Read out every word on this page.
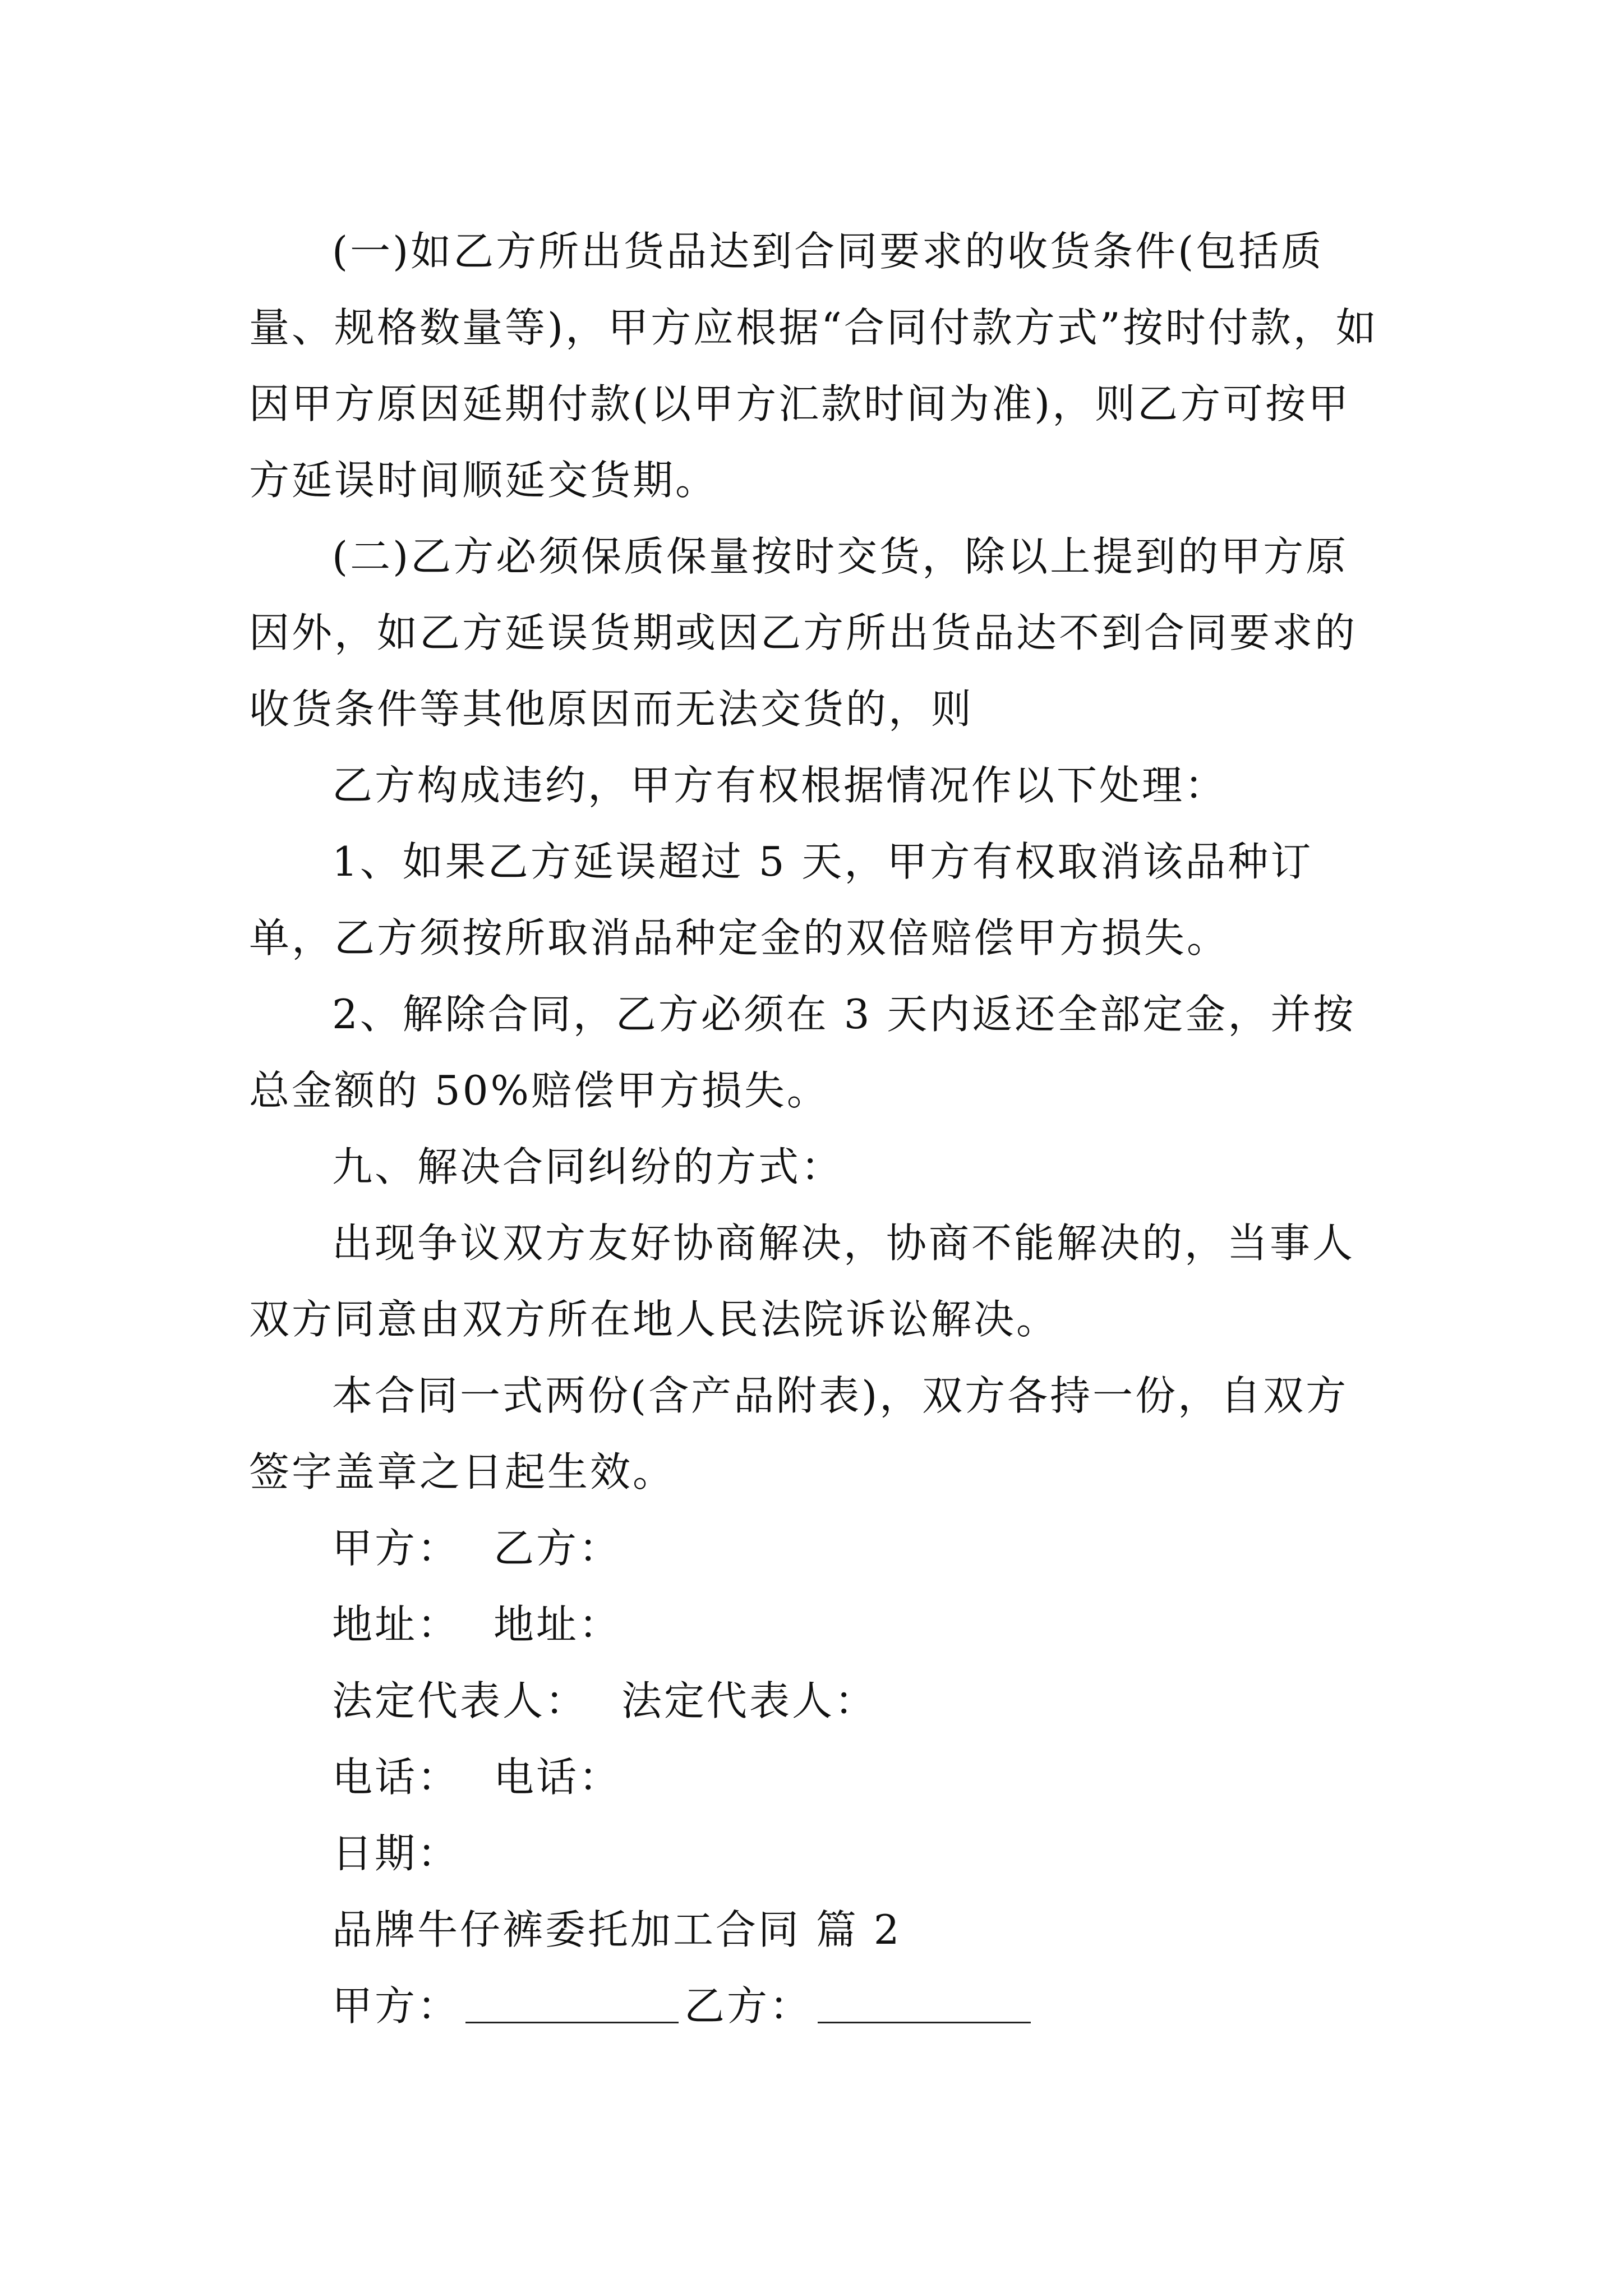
(一)如乙方所出货品达到合同要求的收货条件(包括质量、规格数量等)，甲方应根据“合同付款方式”按时付款，如因甲方原因延期付款(以甲方汇款时间为准)，则乙方可按甲方延误时间顺延交货期。

(二)乙方必须保质保量按时交货，除以上提到的甲方原因外，如乙方延误货期或因乙方所出货品达不到合同要求的收货条件等其他原因而无法交货的，则

乙方构成违约，甲方有权根据情况作以下处理：

1、如果乙方延误超过 5 天，甲方有权取消该品种订单，乙方须按所取消品种定金的双倍赔偿甲方损失。

2、解除合同，乙方必须在 3 天内返还全部定金，并按总金额的 50%赔偿甲方损失。

九、解决合同纠纷的方式：

出现争议双方友好协商解决，协商不能解决的，当事人双方同意由双方所在地人民法院诉讼解决。

本合同一式两份(含产品附表)，双方各持一份，自双方签字盖章之日起生效。

甲方： 乙方：

地址： 地址：

法定代表人： 法定代表人：

电话： 电话：

日期：

品牌牛仔裤委托加工合同 篇 2

甲方：	乙方：
